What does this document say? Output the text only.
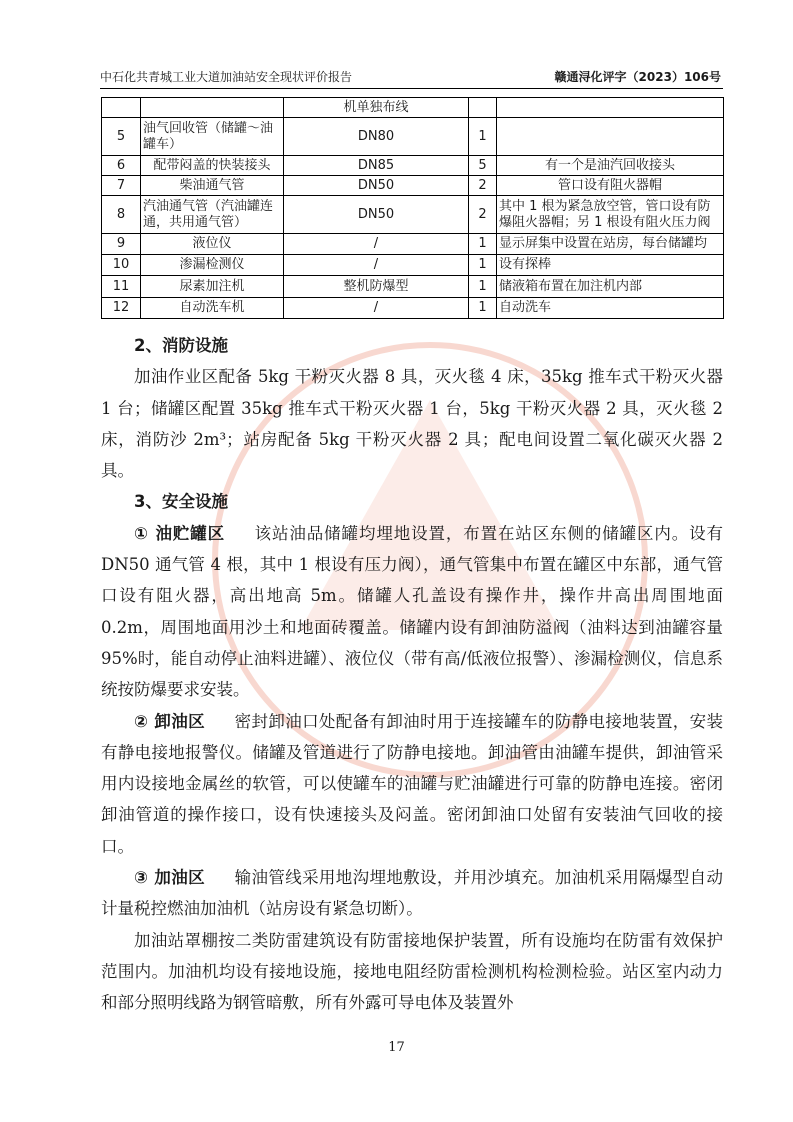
中石化共青城工业大道加油站安全现状评价报告	赣通浔化评字（2023）106号
		机单独布线		
5	油气回收管（储罐～油罐车）	DN80	1	
6	配带闷盖的快装接头	DN85	5	有一个是油汽回收接头
7	柴油通气管	DN50	2	管口设有阻火器帽
8	汽油通气管（汽油罐连通，共用通气管）	DN50	2	其中 1 根为紧急放空管，管口设有防爆阻火器帽；另 1 根设有阻火压力阀
9	液位仪	/	1	显示屏集中设置在站房，每台储罐均
10	渗漏检测仪	/	1	设有探棒
11	尿素加注机	整机防爆型	1	储液箱布置在加注机内部
12	自动洗车机	/	1	自动洗车
2、消防设施

加油作业区配备 5kg 干粉灭火器 8 具，灭火毯 4 床，35kg 推车式干粉灭火器 1 台；储罐区配置 35kg 推车式干粉灭火器 1 台，5kg 干粉灭火器 2 具，灭火毯 2 床，消防沙 2m³；站房配备 5kg 干粉灭火器 2 具；配电间设置二氧化碳灭火器 2 具。

3、安全设施

① 油贮罐区 该站油品储罐均埋地设置，布置在站区东侧的储罐区内。设有 DN50 通气管 4 根，其中 1 根设有压力阀），通气管集中布置在罐区中东部，通气管口设有阻火器，高出地高 5m。储罐人孔盖设有操作井，操作井高出周围地面 0.2m，周围地面用沙土和地面砖覆盖。储罐内设有卸油防溢阀（油料达到油罐容量 95%时，能自动停止油料进罐）、液位仪（带有高/低液位报警）、渗漏检测仪，信息系统按防爆要求安装。

② 卸油区 密封卸油口处配备有卸油时用于连接罐车的防静电接地装置，安装有静电接地报警仪。储罐及管道进行了防静电接地。卸油管由油罐车提供，卸油管采用内设接地金属丝的软管，可以使罐车的油罐与贮油罐进行可靠的防静电连接。密闭卸油管道的操作接口，设有快速接头及闷盖。密闭卸油口处留有安装油气回收的接口。

③ 加油区 输油管线采用地沟埋地敷设，并用沙填充。加油机采用隔爆型自动计量税控燃油加油机（站房设有紧急切断）。

加油站罩棚按二类防雷建筑设有防雷接地保护装置，所有设施均在防雷有效保护范围内。加油机均设有接地设施，接地电阻经防雷检测机构检测检验。站区室内动力和部分照明线路为钢管暗敷，所有外露可导电体及装置外

17
